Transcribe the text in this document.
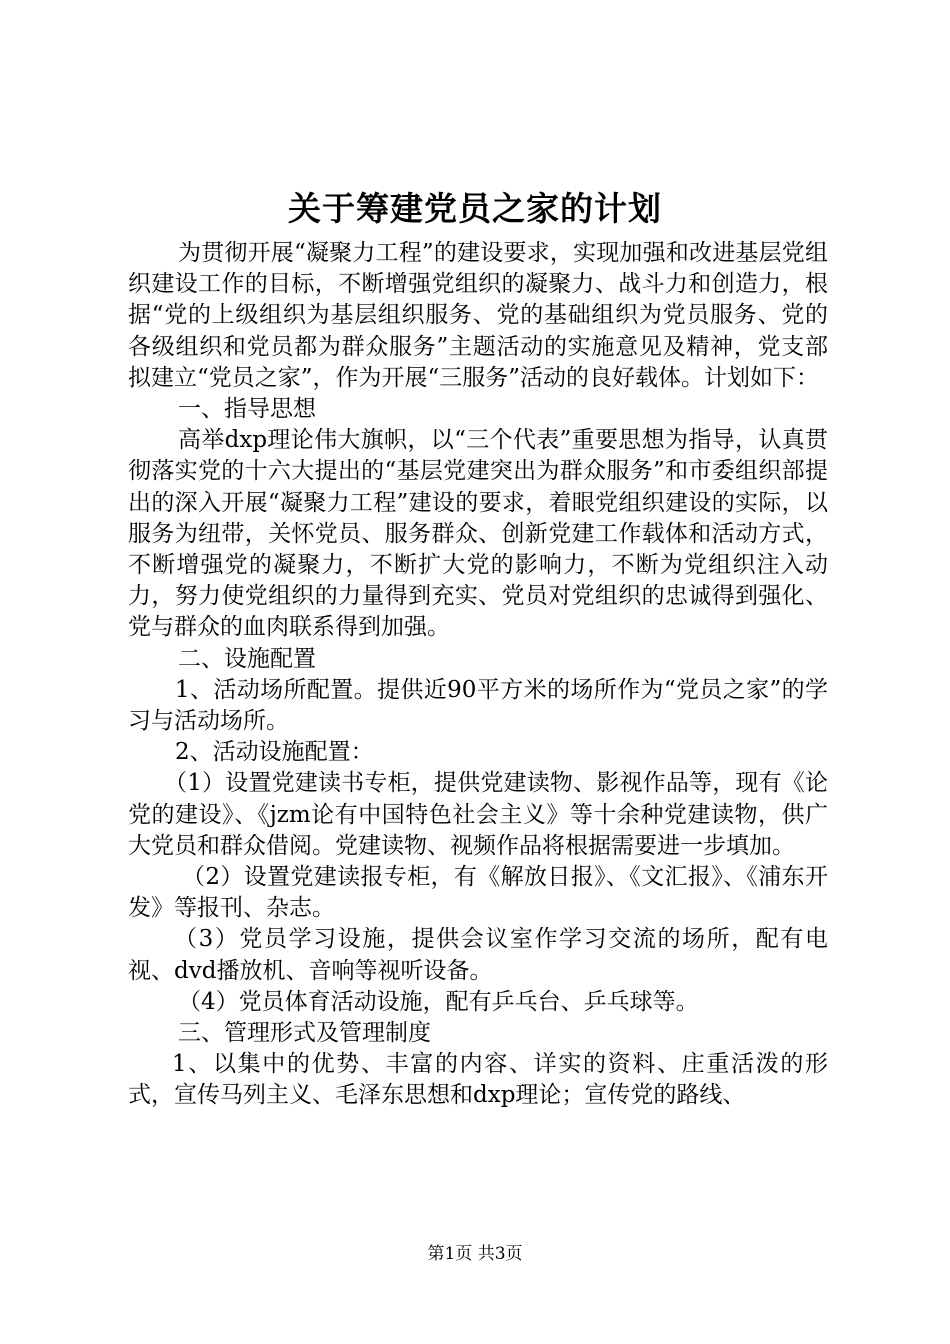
关于筹建党员之家的计划

为贯彻开展“凝聚力工程”的建设要求，实现加强和改进基层党组织建设工作的目标，不断增强党组织的凝聚力、战斗力和创造力，根据“党的上级组织为基层组织服务、党的基础组织为党员服务、党的各级组织和党员都为群众服务”主题活动的实施意见及精神，党支部拟建立“党员之家”，作为开展“三服务”活动的良好载体。计划如下：

一、指导思想

高举dxp理论伟大旗帜，以“三个代表”重要思想为指导，认真贯彻落实党的十六大提出的“基层党建突出为群众服务”和市委组织部提出的深入开展“凝聚力工程”建设的要求，着眼党组织建设的实际，以服务为纽带，关怀党员、服务群众、创新党建工作载体和活动方式，不断增强党的凝聚力，不断扩大党的影响力，不断为党组织注入动力，努力使党组织的力量得到充实、党员对党组织的忠诚得到强化、党与群众的血肉联系得到加强。

二、设施配置

1、活动场所配置。提供近90平方米的场所作为“党员之家”的学习与活动场所。

2、活动设施配置：

（1）设置党建读书专柜，提供党建读物、影视作品等，现有《论党的建设》、《jzm论有中国特色社会主义》等十余种党建读物，供广大党员和群众借阅。党建读物、视频作品将根据需要进一步填加。

（2）设置党建读报专柜，有《解放日报》、《文汇报》、《浦东开发》等报刊、杂志。

（3）党员学习设施，提供会议室作学习交流的场所，配有电视、dvd播放机、音响等视听设备。

（4）党员体育活动设施，配有乒乓台、乒乓球等。

三、管理形式及管理制度

1、以集中的优势、丰富的内容、详实的资料、庄重活泼的形式，宣传马列主义、毛泽东思想和dxp理论；宣传党的路线、

第1页 共3页
